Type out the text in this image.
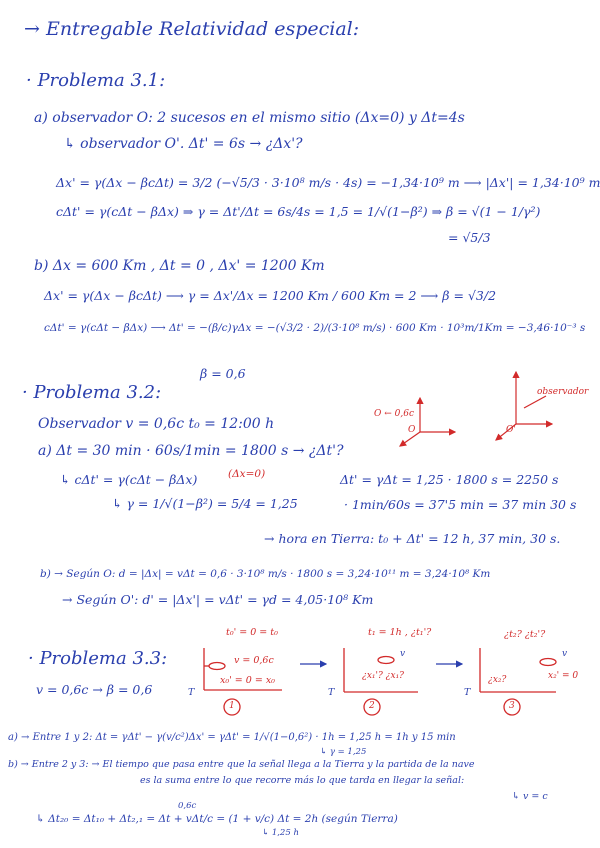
→ Entregable Relatividad especial:
· Problema 3.1:
a) observador O: 2 sucesos en el mismo sitio (Δx=0) y Δt=4s
↳ observador O'. Δt' = 6s → ¿Δx'?
Δx' = γ(Δx − βcΔt) = 3/2 (−√5/3 · 3·10⁸ m/s · 4s) = −1,34·10⁹ m ⟶ |Δx'| = 1,34·10⁹ m
cΔt' = γ(cΔt − βΔx) ⇒ γ = Δt'/Δt = 6s/4s = 1,5 = 1/√(1−β²) ⇒ β = √(1 − 1/γ²)
= √5/3
b) Δx = 600 Km , Δt = 0 , Δx' = 1200 Km
Δx' = γ(Δx − βcΔt) ⟶ γ = Δx'/Δx = 1200 Km / 600 Km = 2 ⟶ β = √3/2
cΔt' = γ(cΔt − βΔx) ⟶ Δt' = −(β/c)γΔx = −(√3/2 · 2)/(3·10⁸ m/s) · 600 Km · 10³m/1Km = −3,46·10⁻³ s
· Problema 3.2:
β = 0,6
Observador v = 0,6c t₀ = 12:00 h
a) Δt = 30 min · 60s/1min = 1800 s → ¿Δt'?
↳ cΔt' = γ(cΔt − βΔx)	(Δx=0)
↳ γ = 1/√(1−β²) = 5/4 = 1,25
Δt' = γΔt = 1,25 · 1800 s = 2250 s
· 1min/60s = 37'5 min = 37 min 30 s
→ hora en Tierra: t₀ + Δt' = 12 h, 37 min, 30 s.
b) → Según O: d = |Δx| = vΔt = 0,6 · 3·10⁸ m/s · 1800 s = 3,24·10¹¹ m = 3,24·10⁸ Km
→ Según O': d' = |Δx'| = vΔt' = γd = 4,05·10⁸ Km
O ← 0,6c
observador
O'
O
· Problema 3.3:
v = 0,6c → β = 0,6
t₀' = 0 = t₀
v = 0,6c
x₀' = 0 = x₀
T
1
t₁ = 1h , ¿t₁'?
¿x₁'? ¿x₁?
v
T
2
¿t₂? ¿t₂'?
¿x₂?	x₂' = 0
v
T
3
a) → Entre 1 y 2: Δt = γΔt' − γ(v/c²)Δx' = γΔt' = 1/√(1−0,6²) · 1h = 1,25 h = 1h y 15 min
↳ γ = 1,25
b) → Entre 2 y 3: → El tiempo que pasa entre que la señal llega a la Tierra y la partida de la nave
es la suma entre lo que recorre más lo que tarda en llegar la señal:
↳ v = c
0,6c
↳ Δt₂₀ = Δt₁₀ + Δt₂,₁ = Δt + vΔt/c = (1 + v/c) Δt = 2h (según Tierra)
↳ 1,25 h
